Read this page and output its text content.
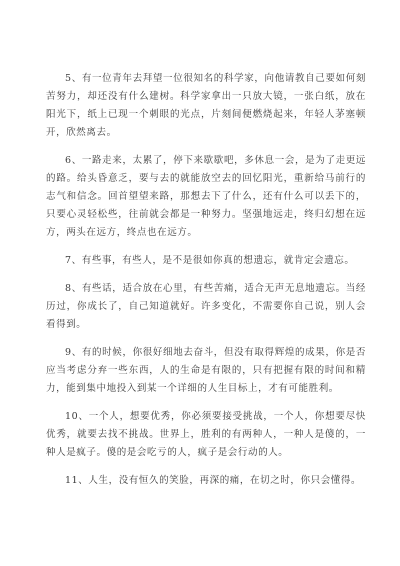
5、有一位青年去拜望一位很知名的科学家，向他请教自己要如何刻苦努力，却还没有什么建树。科学家拿出一只放大镜，一张白纸，放在阳光下，纸上已现一个刺眼的光点，片刻间便燃烧起来，年轻人茅塞顿开，欣然离去。

6、一路走来，太累了，停下来歇歇吧，多休息一会，是为了走更远的路。给头昏意乏，要与去的就能放空去的回忆阳光，重新给马前行的志气和信念。回首望望来路，那想去下了什么，还有什么可以丢下的，只要心灵轻松些，往前就会都是一种努力。坚强地远走，终归幻想在远方，两头在远方，终点也在远方。

7、有些事，有些人，是不是很如你真的想遗忘，就肯定会遗忘。

8、有些话，适合放在心里，有些苦痛，适合无声无息地遗忘。当经历过，你成长了，自己知道就好。许多变化，不需要你自己说，别人会看得到。

9、有的时候，你很好细地去奋斗，但没有取得辉煌的成果，你是否应当考虑分弃一些东西，人的生命是有限的，只有把握有限的时间和精力，能到集中地投入到某一个详细的人生目标上，才有可能胜利。

10、一个人，想要优秀，你必须要接受挑战，一个人，你想要尽快优秀，就要去找不挑战。世界上，胜利的有两种人，一种人是傻的，一种人是疯子。傻的是会吃亏的人，疯子是会行动的人。

11、人生，没有恒久的笑脸，再深的痛，在切之时，你只会懂得。
